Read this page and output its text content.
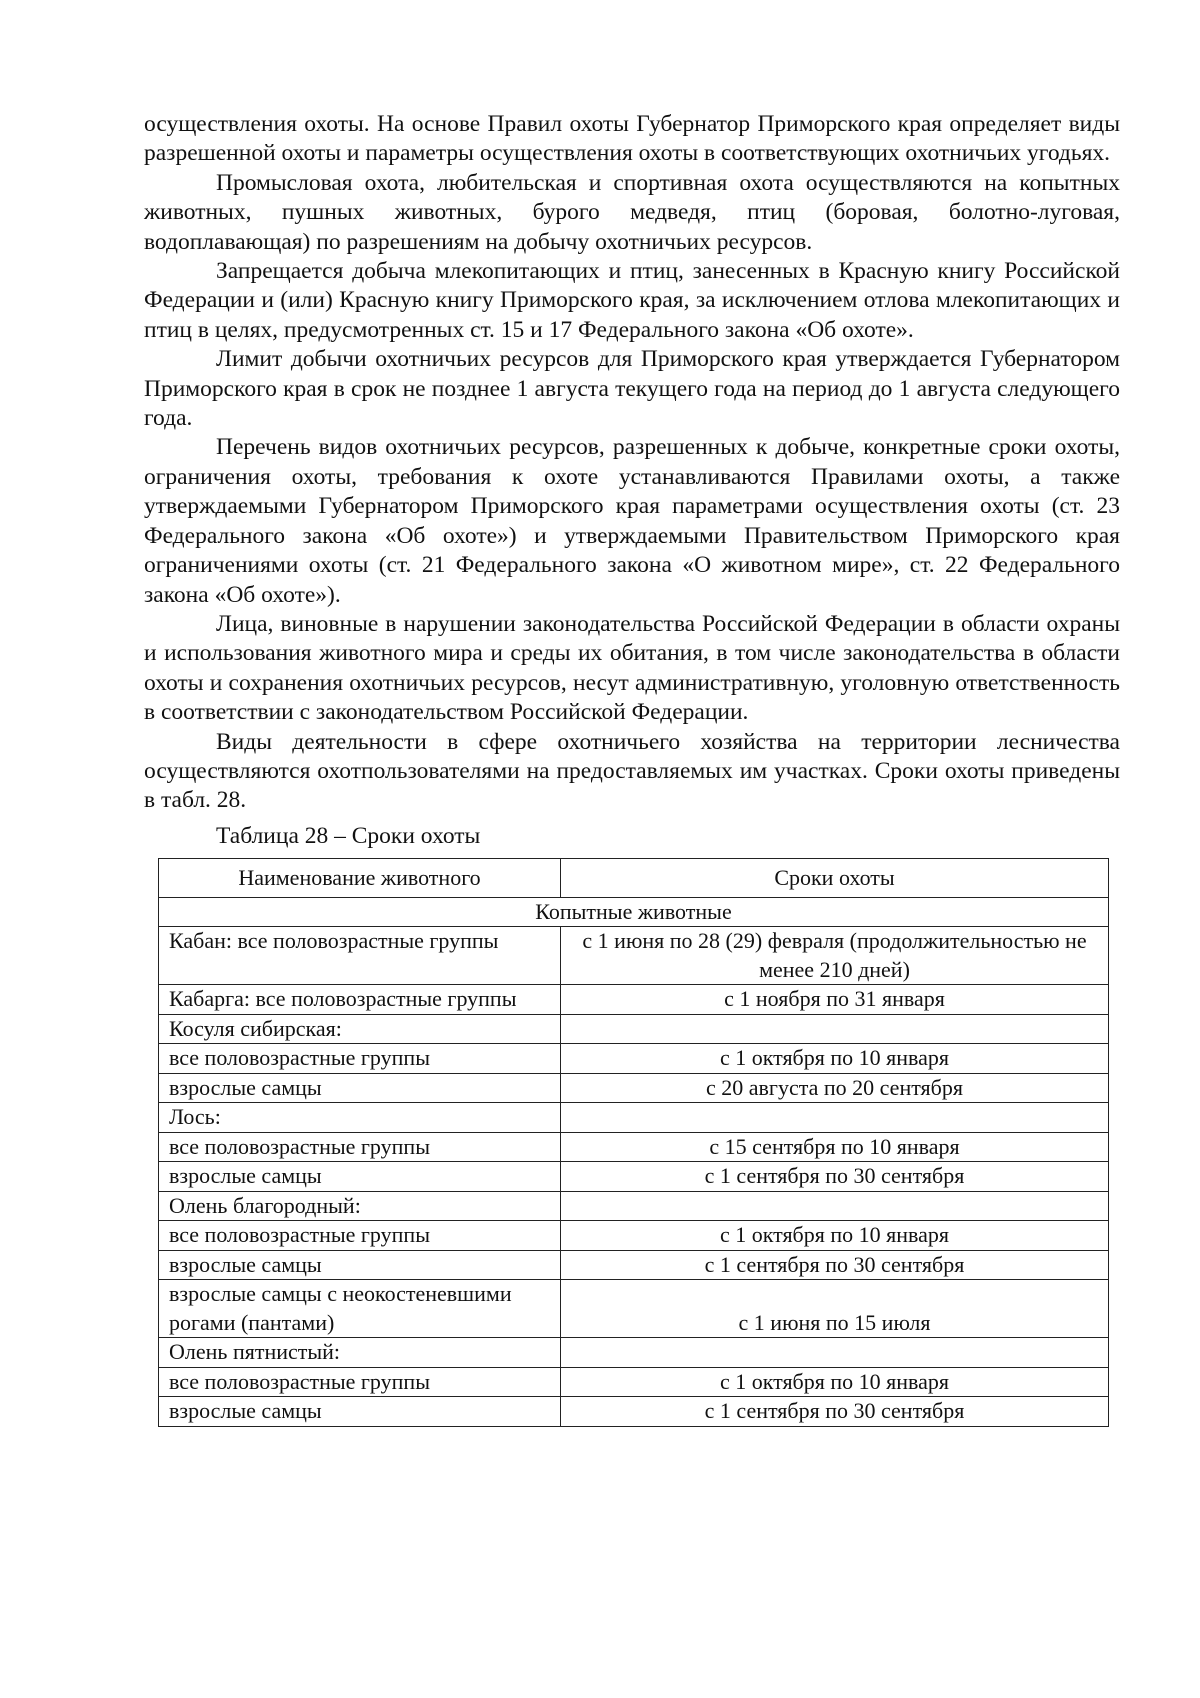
осуществления охоты. На основе Правил охоты Губернатор Приморского края определяет виды разрешенной охоты и параметры осуществления охоты в соответствующих охотничьих угодьях.

Промысловая охота, любительская и спортивная охота осуществляются на копытных животных, пушных животных, бурого медведя, птиц (боровая, болотно-луговая, водоплавающая) по разрешениям на добычу охотничьих ресурсов.

Запрещается добыча млекопитающих и птиц, занесенных в Красную книгу Российской Федерации и (или) Красную книгу Приморского края, за исключением отлова млекопитающих и птиц в целях, предусмотренных ст. 15 и 17 Федерального закона «Об охоте».

Лимит добычи охотничьих ресурсов для Приморского края утверждается Губернатором Приморского края в срок не позднее 1 августа текущего года на период до 1 августа следующего года.

Перечень видов охотничьих ресурсов, разрешенных к добыче, конкретные сроки охоты, ограничения охоты, требования к охоте устанавливаются Правилами охоты, а также утверждаемыми Губернатором Приморского края параметрами осуществления охоты (ст. 23 Федерального закона «Об охоте») и утверждаемыми Правительством Приморского края ограничениями охоты (ст. 21 Федерального закона «О животном мире», ст. 22 Федерального закона «Об охоте»).

Лица, виновные в нарушении законодательства Российской Федерации в области охраны и использования животного мира и среды их обитания, в том числе законодательства в области охоты и сохранения охотничьих ресурсов, несут административную, уголовную ответственность в соответствии с законодательством Российской Федерации.

Виды деятельности в сфере охотничьего хозяйства на территории лесничества осуществляются охотпользователями на предоставляемых им участках. Сроки охоты приведены в табл. 28.

Таблица 28 – Сроки охоты
Наименование животного	Сроки охоты
Копытные животные	
Кабан: все половозрастные группы	с 1 июня по 28 (29) февраля (продолжительностью не менее 210 дней)
Кабарга: все половозрастные группы	с 1 ноября по 31 января
Косуля сибирская:	
все половозрастные группы	с 1 октября по 10 января
взрослые самцы	с 20 августа по 20 сентября
Лось:	
все половозрастные группы	с 15 сентября по 10 января
взрослые самцы	с 1 сентября по 30 сентября
Олень благородный:	
все половозрастные группы	с 1 октября по 10 января
взрослые самцы	с 1 сентября по 30 сентября
взрослые самцы с неокостеневшими рогами (пантами)	с 1 июня по 15 июля
Олень пятнистый:	
все половозрастные группы	с 1 октября по 10 января
взрослые самцы	с 1 сентября по 30 сентября
